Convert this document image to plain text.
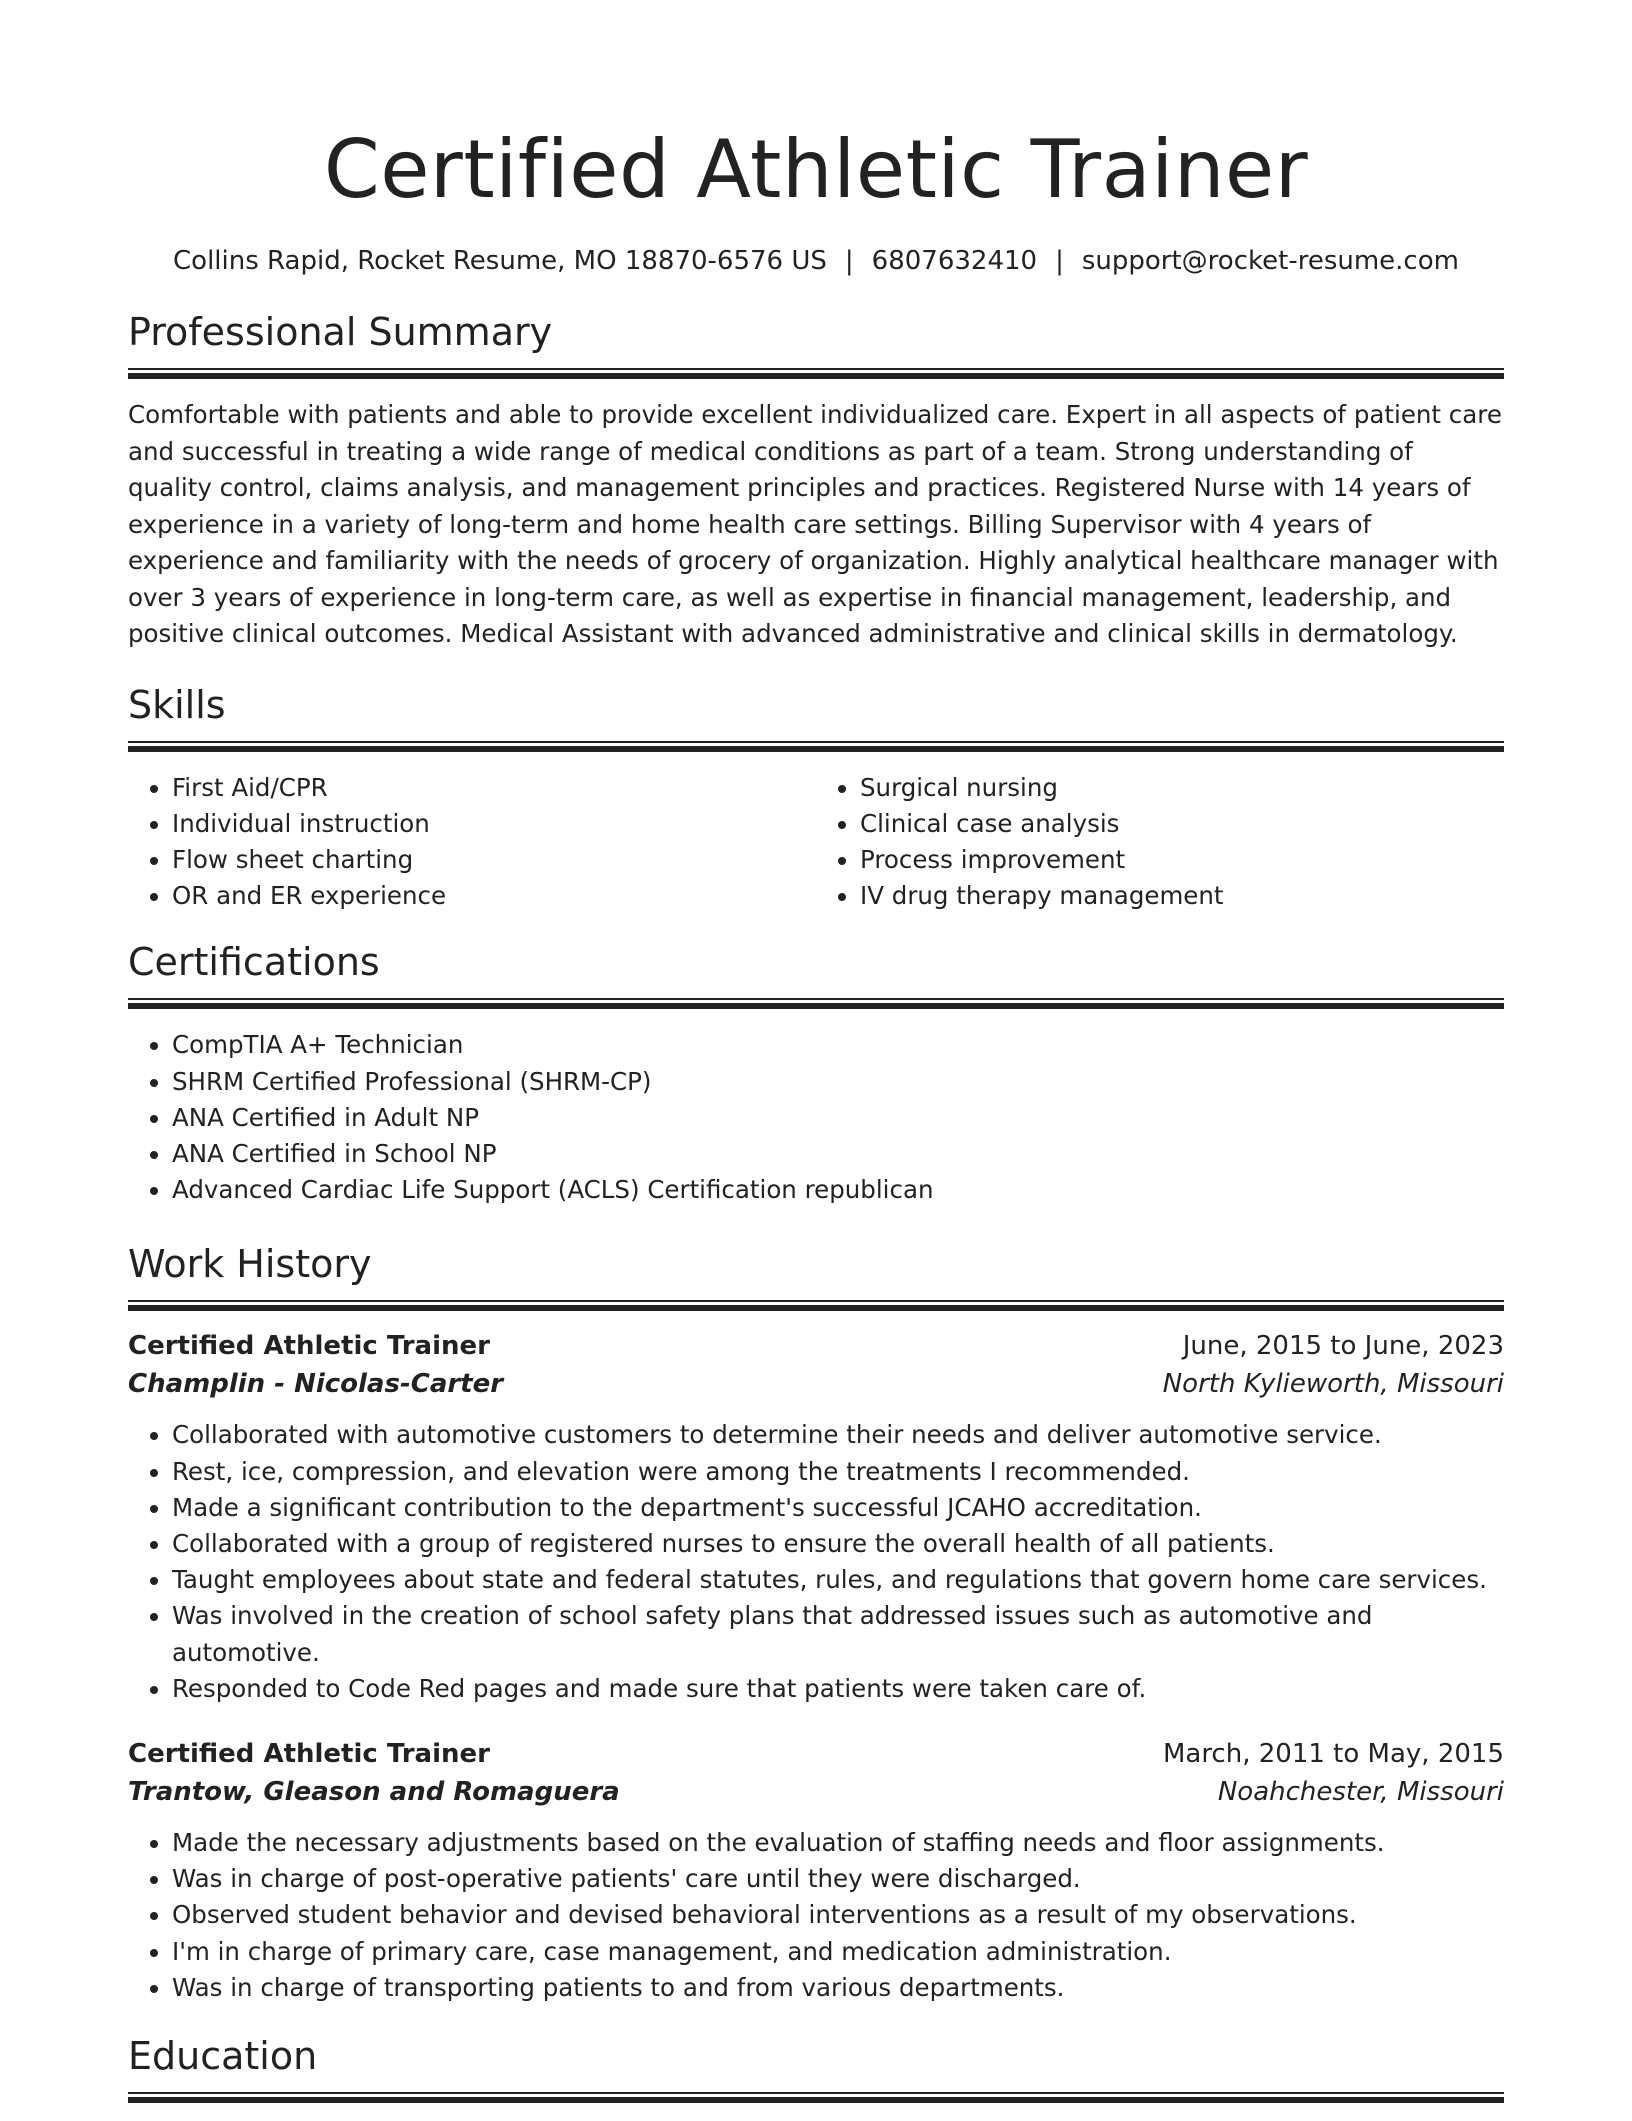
Certified Athletic Trainer
Collins Rapid, Rocket Resume, MO 18870-6576 US | 6807632410 | support@rocket-resume.com
Professional Summary

Comfortable with patients and able to provide excellent individualized care. Expert in all aspects of patient care and successful in treating a wide range of medical conditions as part of a team. Strong understanding of quality control, claims analysis, and management principles and practices. Registered Nurse with 14 years of experience in a variety of long-term and home health care settings. Billing Supervisor with 4 years of experience and familiarity with the needs of grocery of organization. Highly analytical healthcare manager with over 3 years of experience in long-term care, as well as expertise in financial management, leadership, and positive clinical outcomes. Medical Assistant with advanced administrative and clinical skills in dermatology.

Skills
• First Aid/CPR
• Individual instruction
• Flow sheet charting
• OR and ER experience
• Surgical nursing
• Clinical case analysis
• Process improvement
• IV drug therapy management
Certifications
• CompTIA A+ Technician
• SHRM Certified Professional (SHRM-CP)
• ANA Certified in Adult NP
• ANA Certified in School NP
• Advanced Cardiac Life Support (ACLS) Certification republican
Work History
Certified Athletic Trainer	June, 2015 to June, 2023
Champlin - Nicolas-Carter	North Kylieworth, Missouri
• Collaborated with automotive customers to determine their needs and deliver automotive service.
• Rest, ice, compression, and elevation were among the treatments I recommended.
• Made a significant contribution to the department's successful JCAHO accreditation.
• Collaborated with a group of registered nurses to ensure the overall health of all patients.
• Taught employees about state and federal statutes, rules, and regulations that govern home care services.
• Was involved in the creation of school safety plans that addressed issues such as automotive and automotive.
• Responded to Code Red pages and made sure that patients were taken care of.
Certified Athletic Trainer	March, 2011 to May, 2015
Trantow, Gleason and Romaguera	Noahchester, Missouri
• Made the necessary adjustments based on the evaluation of staffing needs and floor assignments.
• Was in charge of post-operative patients' care until they were discharged.
• Observed student behavior and devised behavioral interventions as a result of my observations.
• I'm in charge of primary care, case management, and medication administration.
• Was in charge of transporting patients to and from various departments.
Education
